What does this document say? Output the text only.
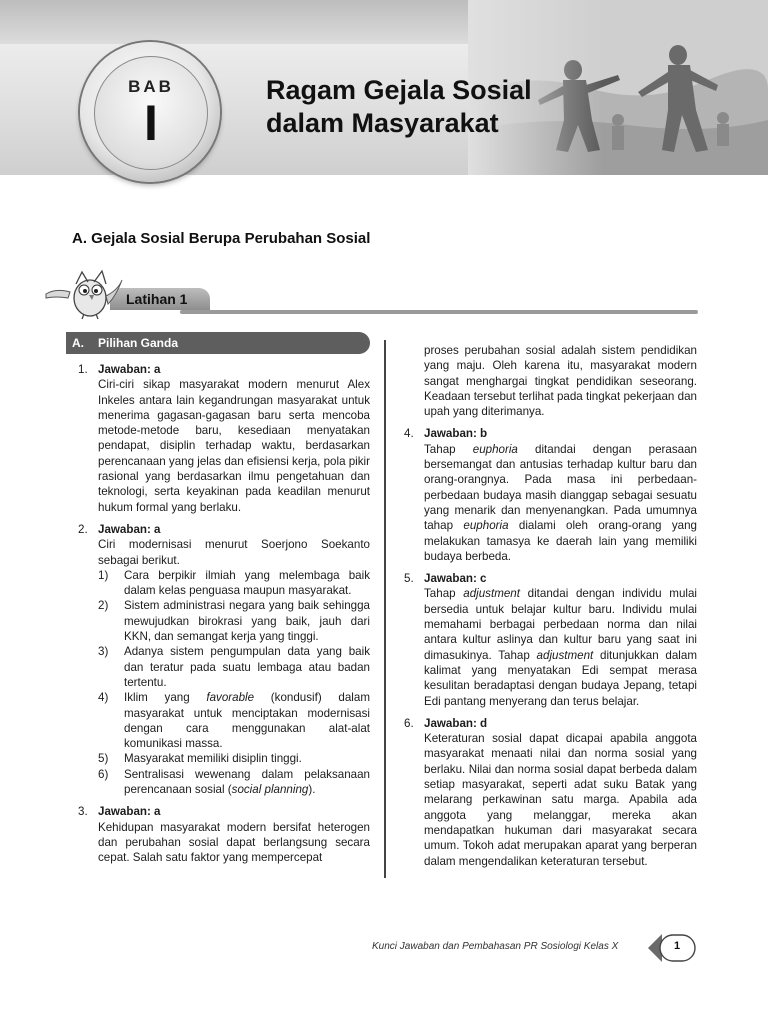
BAB
I
Ragam Gejala Sosial
dalam Masyarakat
A. Gejala Sosial Berupa Perubahan Sosial
Latihan 1
A. Pilihan Ganda
1. Jawaban: a

Ciri-ciri sikap masyarakat modern menurut Alex Inkeles antara lain kegandrungan masyarakat untuk menerima gagasan-gagasan baru serta mencoba metode-metode baru, kesediaan menyatakan pendapat, disiplin terhadap waktu, berdasarkan perencanaan yang jelas dan efisiensi kerja, pola pikir rasional yang berdasarkan ilmu pengetahuan dan teknologi, serta keyakinan pada keadilan menurut hukum formal yang berlaku.

2. Jawaban: a

Ciri modernisasi menurut Soerjono Soekanto sebagai berikut.

1) Cara berpikir ilmiah yang melembaga baik dalam kelas penguasa maupun masyarakat.
2) Sistem administrasi negara yang baik sehingga mewujudkan birokrasi yang baik, jauh dari KKN, dan semangat kerja yang tinggi.
3) Adanya sistem pengumpulan data yang baik dan teratur pada suatu lembaga atau badan tertentu.
4) Iklim yang favorable (kondusif) dalam masyarakat untuk menciptakan modernisasi dengan cara menggunakan alat-alat komunikasi massa.
5) Masyarakat memiliki disiplin tinggi.
6) Sentralisasi wewenang dalam pelaksanaan perencanaan sosial (social planning).
3. Jawaban: a

Kehidupan masyarakat modern bersifat heterogen dan perubahan sosial dapat berlangsung secara cepat. Salah satu faktor yang mempercepat

proses perubahan sosial adalah sistem pendidikan yang maju. Oleh karena itu, masyarakat modern sangat menghargai tingkat pendidikan seseorang. Keadaan tersebut terlihat pada tingkat pekerjaan dan upah yang diterimanya.

4. Jawaban: b

Tahap euphoria ditandai dengan perasaan bersemangat dan antusias terhadap kultur baru dan orang-orangnya. Pada masa ini perbedaan-perbedaan budaya masih dianggap sebagai sesuatu yang menarik dan menyenangkan. Pada umumnya tahap euphoria dialami oleh orang-orang yang melakukan tamasya ke daerah lain yang memiliki budaya berbeda.

5. Jawaban: c

Tahap adjustment ditandai dengan individu mulai bersedia untuk belajar kultur baru. Individu mulai memahami berbagai perbedaan norma dan nilai antara kultur aslinya dan kultur baru yang saat ini dimasukinya. Tahap adjustment ditunjukkan dalam kalimat yang menyatakan Edi sempat merasa kesulitan beradaptasi dengan budaya Jepang, tetapi Edi pantang menyerang dan terus belajar.

6. Jawaban: d

Keteraturan sosial dapat dicapai apabila anggota masyarakat menaati nilai dan norma sosial yang berlaku. Nilai dan norma sosial dapat berbeda dalam setiap masyarakat, seperti adat suku Batak yang melarang perkawinan satu marga. Apabila ada anggota yang melanggar, mereka akan mendapatkan hukuman dari masyarakat secara umum. Tokoh adat merupakan aparat yang berperan dalam mengendalikan keteraturan tersebut.

Kunci Jawaban dan Pembahasan PR Sosiologi Kelas X	1
